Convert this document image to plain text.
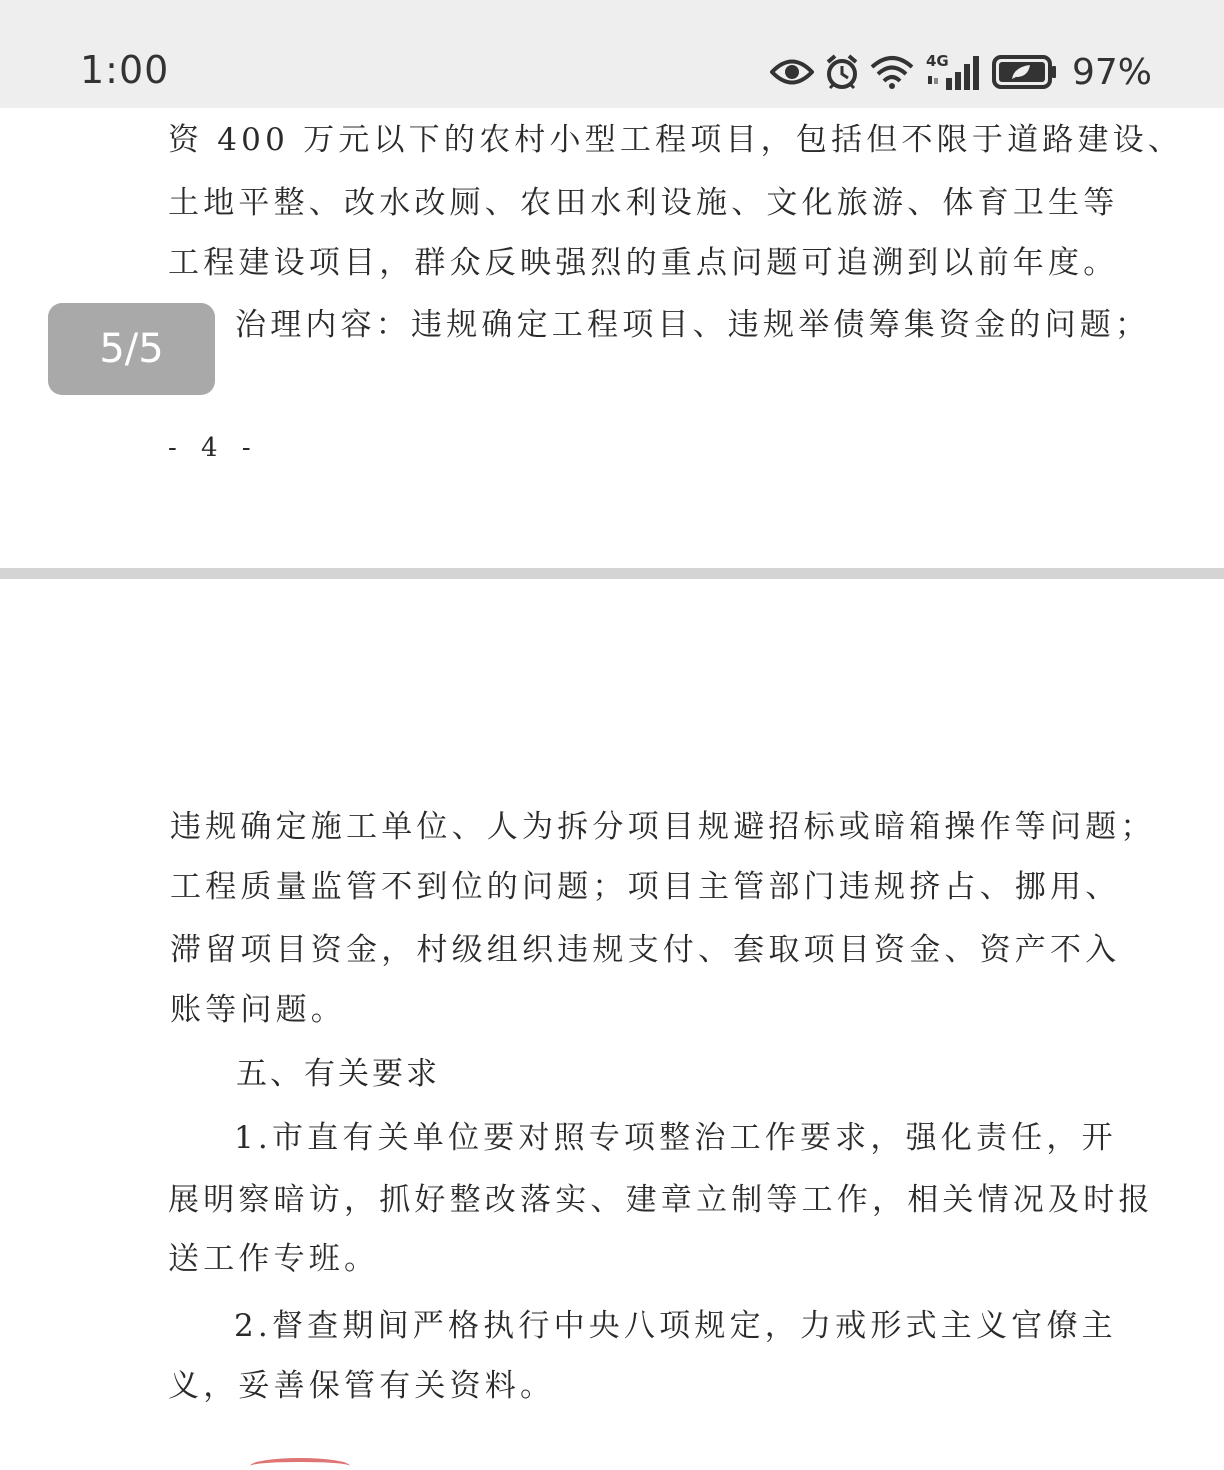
1:00	4G	97%
资 400 万元以下的农村小型工程项目，包括但不限于道路建设、
土地平整、改水改厕、农田水利设施、文化旅游、体育卫生等
工程建设项目，群众反映强烈的重点问题可追溯到以前年度。
治理内容：违规确定工程项目、违规举债筹集资金的问题；
- 4 -
违规确定施工单位、人为拆分项目规避招标或暗箱操作等问题；
工程质量监管不到位的问题；项目主管部门违规挤占、挪用、
滞留项目资金，村级组织违规支付、套取项目资金、资产不入
账等问题。
五、有关要求
1.市直有关单位要对照专项整治工作要求，强化责任，开
展明察暗访，抓好整改落实、建章立制等工作，相关情况及时报
送工作专班。
2.督查期间严格执行中央八项规定，力戒形式主义官僚主
义，妥善保管有关资料。
5/5
